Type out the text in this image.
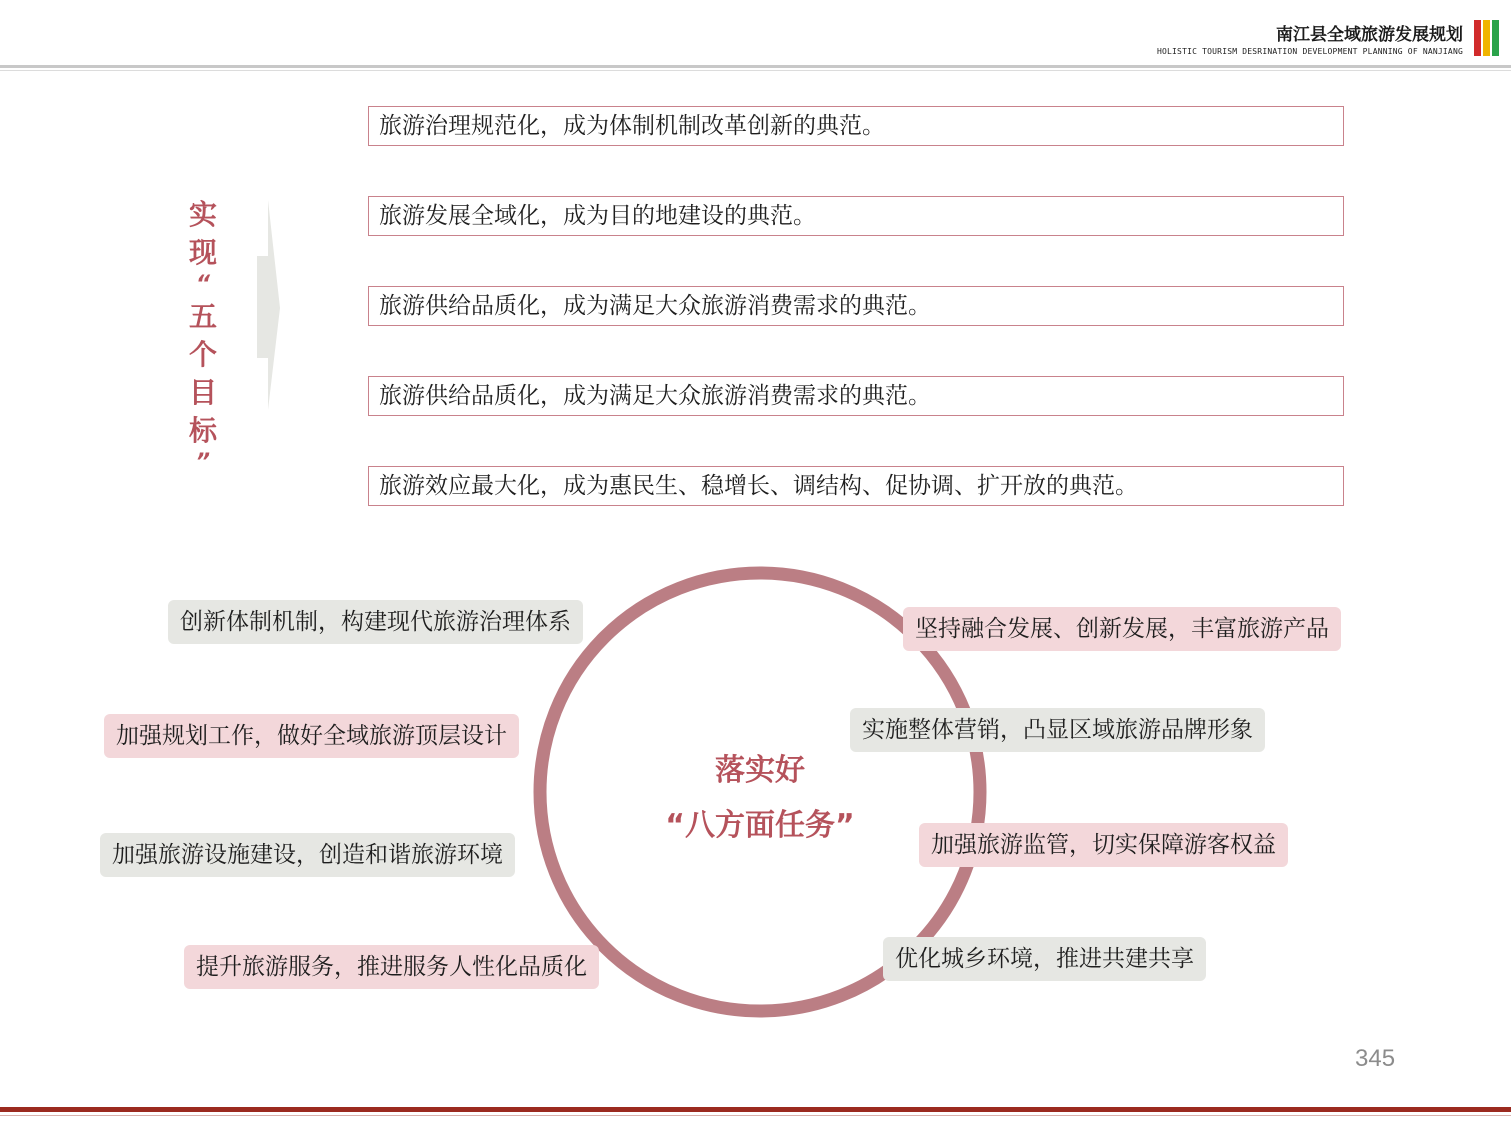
南江县全域旅游发展规划
HOLISTIC TOURISM DESRINATION DEVELOPMENT PLANNING OF NANJIANG
实
现
“
五
个
目
标
”
旅游治理规范化，成为体制机制改革创新的典范。
旅游发展全域化，成为目的地建设的典范。
旅游供给品质化，成为满足大众旅游消费需求的典范。
旅游供给品质化，成为满足大众旅游消费需求的典范。
旅游效应最大化，成为惠民生、稳增长、调结构、促协调、扩开放的典范。
落实好
“八方面任务”
创新体制机制，构建现代旅游治理体系	坚持融合发展、创新发展，丰富旅游产品
加强规划工作，做好全域旅游顶层设计	实施整体营销，凸显区域旅游品牌形象
加强旅游设施建设，创造和谐旅游环境	加强旅游监管，切实保障游客权益
提升旅游服务，推进服务人性化品质化	优化城乡环境，推进共建共享
345
